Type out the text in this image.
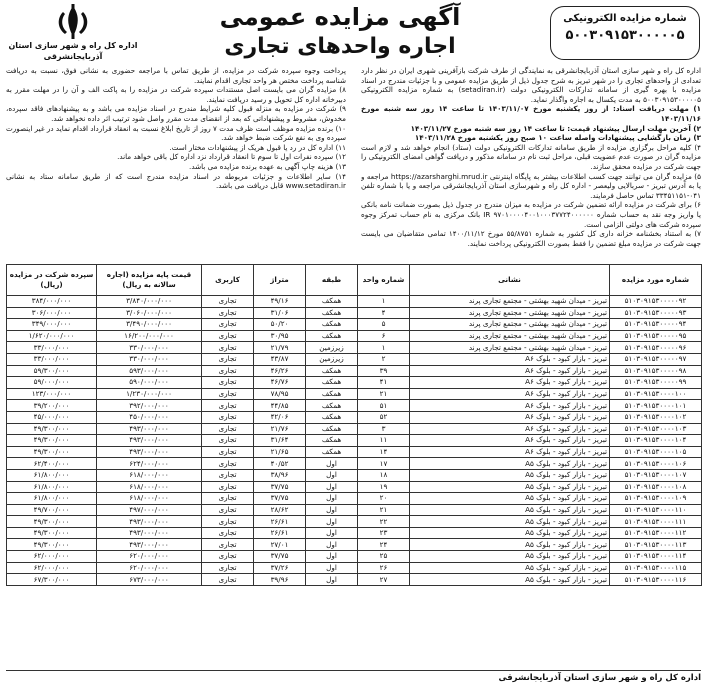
اداره کل راه و شهر سازی استان آذربایجانشرقی
آگهی مزایده عمومی
اجاره واحدهای تجاری
شماره مزایده الکترونیکی
۵۰۰۳۰۹۱۵۳۰۰۰۰۰۵

اداره کل راه و شهر سازی استان آذربایجانشرقی به نمایندگی از طرف شرکت بازآفرینی شهری ایران در نظر دارد تعدادی از واحدهای تجاری را در شهر تبریز به شرح جدول ذیل از طریق مزایده عمومی و با جزئیات مندرج در اسناد مزایده با بهره گیری از سامانه تدارکات الکترونیکی دولت (setadiran.ir) به شماره مزایده الکترونیکی ۵۰۰۳۰۹۱۵۳۰۰۰۰۰۵ به مدت یکسال به اجاره واگذار نماید.

۱) مهلت دریافت اسناد: از روز یکشنبه مورخ ۱۴۰۳/۱۱/۰۷ تا ساعت ۱۴ روز سه شنبه مورخ ۱۴۰۳/۱۱/۱۶

۲) آخرین مهلت ارسال پیشنهاد قیمت: تا ساعت ۱۴ روز سه شنبه مورخ ۱۴۰۳/۱۱/۲۷

۳) زمان بازگشایی پیشنهادات واصله ساعت ۱۰ صبح روز یکشنبه مورخ ۱۴۰۳/۱۱/۲۸

۴) کلیه مراحل برگزاری مزایده از طریق سامانه تدارکات الکترونیکی دولت (ستاد) انجام خواهد شد و لازم است مزایده گران در صورت عدم عضویت قبلی، مراحل ثبت نام در سامانه مذکور و دریافت گواهی امضای الکترونیکی را جهت شرکت در مزایده محقق سازند.

۵) مزایده گران می توانند جهت کسب اطلاعات بیشتر به پایگاه اینترنتی https://azarsharghi.mrud.ir مراجعه و یا به آدرس تبریز - سربالایی ولیعصر - اداره کل راه و شهرسازی استان آذربایجانشرقی مراجعه و یا با شماره تلفن ۰۴۱-۳۳۴۵۱۱۵۱ تماس حاصل فرمایند.

۶) برای شرکت در مزایده ارائه تضمین شرکت در مزایده به میزان مندرج در جدول ذیل بصورت ضمانت نامه بانکی یا واریز وجه نقد به حساب شماره IR ۹۷۰۱۰۰۰۰۴۰۰۱۰۰۰۳۷۷۲۴۰۰۰۰۰۰ بانک مرکزی به نام حساب تمرکز وجوه سپرده شرکت های دولتی الزامی است.

۷) به استناد بخشنامه خزانه داری کل کشور به شماره ۵۵/۸۷۵۱ مورخ ۱۴۰۰/۱۱/۱۲ تمامی متقاضیان می بایست جهت شرکت در مزایده مبلغ تضمین را فقط بصورت الکترونیکی پرداخت نمایند.

پرداخت وجوه سپرده شرکت در مزایده، از طریق تماس با مراجعه حضوری به نشانی فوق، نسبت به دریافت شناسه پرداخت مختص هر واحد تجاری اقدام نمایند.

۸) مزایده گران می بایست اصل مستندات سپرده شرکت در مزایده را به پاکت الف و آن را در مهلت مقرر به دبیرخانه اداره کل تحویل و رسید دریافت نمایند.

۹) شرکت در مزایده به منزله قبول کلیه شرایط مندرج در اسناد مزایده می باشد و به پیشنهادهای فاقد سپرده، مخدوش، مشروط و پیشنهاداتی که بعد از انقضای مدت مقرر واصل شود ترتیب اثر داده نخواهد شد.

۱۰) برنده مزایده موظف است ظرف مدت ۷ روز از تاریخ ابلاغ نسبت به انعقاد قرارداد اقدام نماید در غیر اینصورت سپرده وی به نفع شرکت ضبط خواهد شد.

۱۱) اداره کل در رد یا قبول هریک از پیشنهادات مختار است.

۱۲) سپرده نفرات اول تا سوم تا انعقاد قرارداد نزد اداره کل باقی خواهد ماند.

۱۳) هزینه چاپ آگهی به عهده برنده مزایده می باشد.

۱۴) سایر اطلاعات و جزئیات مربوطه در اسناد مزایده مندرج است که از طریق سامانه ستاد به نشانی www.setadiran.ir قابل دریافت می باشد.

شماره مورد مزایده	نشانی	شماره واحد	طبقه	متراژ	کاربری	قیمت پایه مزایده (اجاره سالانه به ریال)	سپرده شرکت در مزایده (ریال)
۵۱۰۳۰۹۱۵۳۰۰۰۰۰۹۲	تبریز - میدان شهید بهشتی - مجتمع تجاری پرند	۱	همکف	۴۹/۱۶	تجاری	۳/۸۴۰/۰۰۰/۰۰۰	۳۸۴/۰۰۰/۰۰۰
۵۱۰۳۰۹۱۵۳۰۰۰۰۰۹۳	تبریز - میدان شهید بهشتی - مجتمع تجاری پرند	۴	همکف	۳۱/۰۶	تجاری	۳/۰۶۰/۰۰۰/۰۰۰	۳۰۶/۰۰۰/۰۰۰
۵۱۰۳۰۹۱۵۳۰۰۰۰۰۹۴	تبریز - میدان شهید بهشتی - مجتمع تجاری پرند	۵	همکف	۵۰/۲۰	تجاری	۳/۴۹۰/۰۰۰/۰۰۰	۳۴۹/۰۰۰/۰۰۰
۵۱۰۳۰۹۱۵۳۰۰۰۰۰۹۵	تبریز - میدان شهید بهشتی - مجتمع تجاری پرند	۶	همکف	۳۰/۹۵	تجاری	۱۶/۲۰۰/۰۰۰/۰۰۰	۱/۶۲۰/۰۰۰/۰۰۰
۵۱۰۳۰۹۱۵۳۰۰۰۰۰۹۶	تبریز - میدان شهید بهشتی - مجتمع تجاری پرند	۱	زیرزمین	۲۱/۷۹	تجاری	۳۳۰/۰۰۰/۰۰۰	۳۳/۰۰۰/۰۰۰
۵۱۰۳۰۹۱۵۳۰۰۰۰۰۹۷	تبریز - بازار کبود - بلوک A۶	۲	زیرزمین	۴۳/۸۷	تجاری	۳۳۰/۰۰۰/۰۰۰	۳۳/۰۰۰/۰۰۰
۵۱۰۳۰۹۱۵۳۰۰۰۰۰۹۸	تبریز - بازار کبود - بلوک A۶	۳۹	همکف	۴۶/۲۶	تجاری	۵۹۳/۰۰۰/۰۰۰	۵۹/۳۰۰/۰۰۰
۵۱۰۳۰۹۱۵۳۰۰۰۰۰۹۹	تبریز - بازار کبود - بلوک A۶	۴۱	همکف	۴۶/۷۶	تجاری	۵۹۰/۰۰۰/۰۰۰	۵۹/۰۰۰/۰۰۰
۵۱۰۳۰۹۱۵۳۰۰۰۰۱۰۰	تبریز - بازار کبود - بلوک A۶	۲۱	همکف	۷۸/۹۵	تجاری	۱/۲۳۰/۰۰۰/۰۰۰	۱۲۳/۰۰۰/۰۰۰
۵۱۰۳۰۹۱۵۳۰۰۰۰۱۰۱	تبریز - بازار کبود - بلوک A۶	۵۱	همکف	۴۴/۸۵	تجاری	۳۹۲/۰۰۰/۰۰۰	۳۹/۲۰۰/۰۰۰
۵۱۰۳۰۹۱۵۳۰۰۰۰۱۰۲	تبریز - بازار کبود - بلوک A۶	۵۲	همکف	۴۲/۰۶	تجاری	۴۵۰/۰۰۰/۰۰۰	۴۵/۰۰۰/۰۰۰
۵۱۰۳۰۹۱۵۳۰۰۰۰۱۰۳	تبریز - بازار کبود - بلوک A۶	۳	همکف	۲۱/۷۶	تجاری	۴۹۳/۰۰۰/۰۰۰	۴۹/۳۰۰/۰۰۰
۵۱۰۳۰۹۱۵۳۰۰۰۰۱۰۴	تبریز - بازار کبود - بلوک A۶	۱۱	همکف	۳۱/۶۴	تجاری	۴۹۳/۰۰۰/۰۰۰	۴۹/۳۰۰/۰۰۰
۵۱۰۳۰۹۱۵۳۰۰۰۰۱۰۵	تبریز - بازار کبود - بلوک A۶	۱۴	همکف	۲۱/۶۵	تجاری	۴۹۳/۰۰۰/۰۰۰	۴۹/۳۰۰/۰۰۰
۵۱۰۳۰۹۱۵۳۰۰۰۰۱۰۶	تبریز - بازار کبود - بلوک A۵	۱۷	اول	۴۰/۵۲	تجاری	۶۲۴/۰۰۰/۰۰۰	۶۲/۴۰۰/۰۰۰
۵۱۰۳۰۹۱۵۳۰۰۰۰۱۰۷	تبریز - بازار کبود - بلوک A۵	۱۸	اول	۳۸/۹۶	تجاری	۶۱۸/۰۰۰/۰۰۰	۶۱/۸۰۰/۰۰۰
۵۱۰۳۰۹۱۵۳۰۰۰۰۱۰۸	تبریز - بازار کبود - بلوک A۵	۱۹	اول	۳۷/۷۵	تجاری	۶۱۸/۰۰۰/۰۰۰	۶۱/۸۰۰/۰۰۰
۵۱۰۳۰۹۱۵۳۰۰۰۰۱۰۹	تبریز - بازار کبود - بلوک A۵	۲۰	اول	۳۷/۷۵	تجاری	۶۱۸/۰۰۰/۰۰۰	۶۱/۸۰۰/۰۰۰
۵۱۰۳۰۹۱۵۳۰۰۰۰۱۱۰	تبریز - بازار کبود - بلوک A۵	۲۱	اول	۲۸/۶۲	تجاری	۴۹۷/۰۰۰/۰۰۰	۴۹/۷۰۰/۰۰۰
۵۱۰۳۰۹۱۵۳۰۰۰۰۱۱۱	تبریز - بازار کبود - بلوک A۵	۲۲	اول	۲۶/۶۱	تجاری	۴۹۳/۰۰۰/۰۰۰	۴۹/۳۰۰/۰۰۰
۵۱۰۳۰۹۱۵۳۰۰۰۰۱۱۲	تبریز - بازار کبود - بلوک A۵	۲۳	اول	۲۶/۶۱	تجاری	۴۹۳/۰۰۰/۰۰۰	۴۹/۳۰۰/۰۰۰
۵۱۰۳۰۹۱۵۳۰۰۰۰۱۱۳	تبریز - بازار کبود - بلوک A۵	۲۴	اول	۲۷/۰۱	تجاری	۴۹۳/۰۰۰/۰۰۰	۴۹/۳۰۰/۰۰۰
۵۱۰۳۰۹۱۵۳۰۰۰۰۱۱۴	تبریز - بازار کبود - بلوک A۵	۲۵	اول	۳۷/۷۵	تجاری	۶۲۰/۰۰۰/۰۰۰	۶۲/۰۰۰/۰۰۰
۵۱۰۳۰۹۱۵۳۰۰۰۰۱۱۵	تبریز - بازار کبود - بلوک A۵	۲۶	اول	۳۷/۲۶	تجاری	۶۲۰/۰۰۰/۰۰۰	۶۲/۰۰۰/۰۰۰
۵۱۰۳۰۹۱۵۳۰۰۰۰۱۱۶	تبریز - بازار کبود - بلوک A۵	۲۷	اول	۳۹/۹۶	تجاری	۶۷۳/۰۰۰/۰۰۰	۶۷/۳۰۰/۰۰۰
اداره کل راه و شهر سازی استان آذربایجانشرقی
